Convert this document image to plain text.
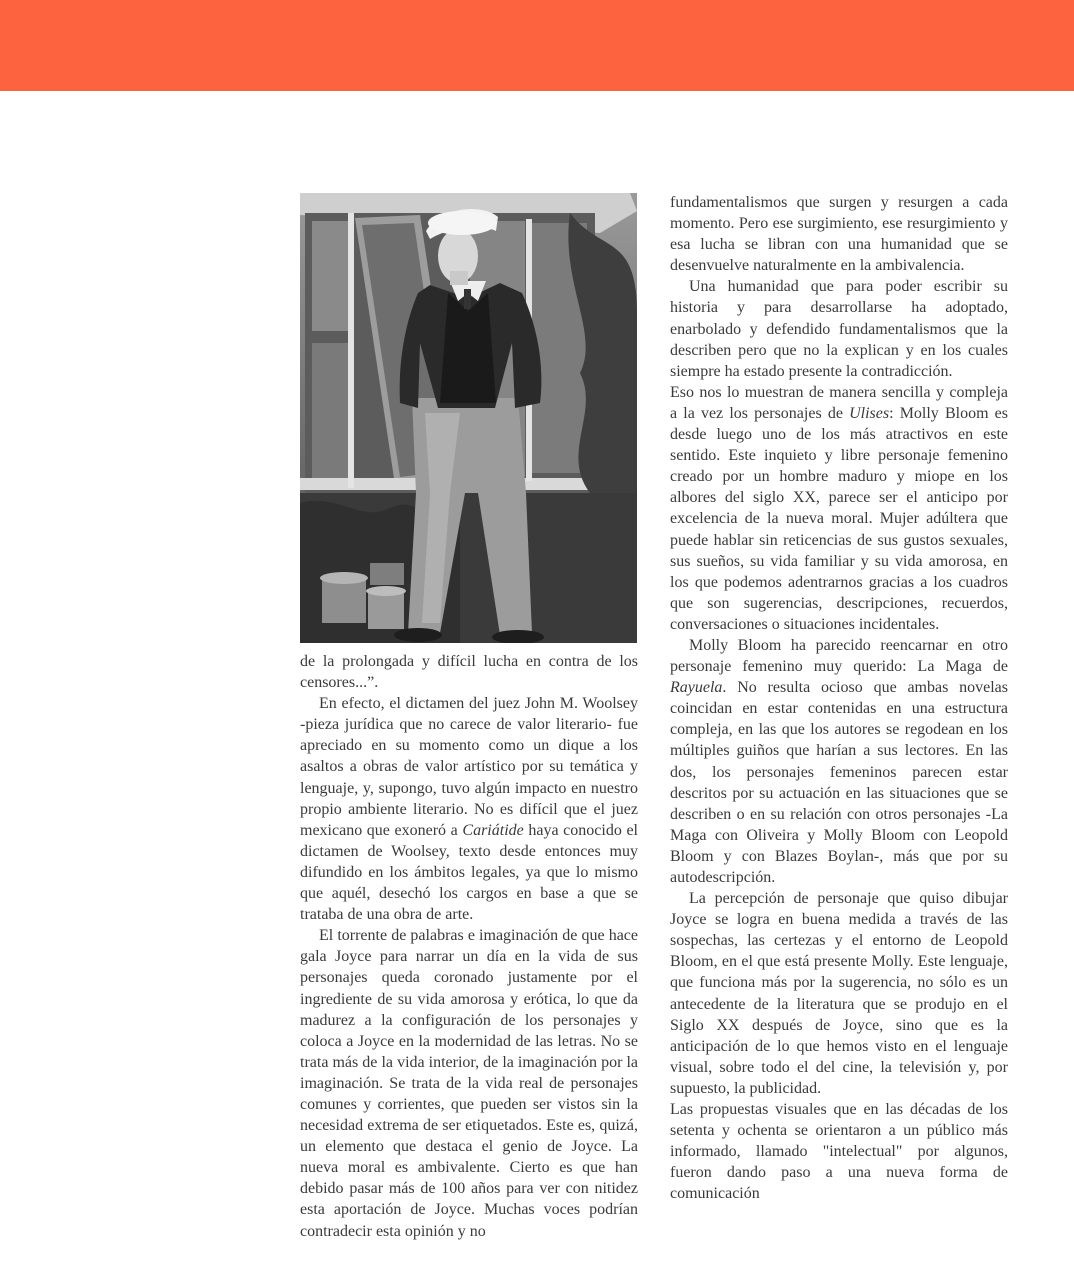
de la prolongada y difícil lucha en contra de los censores...”.

En efecto, el dictamen del juez John M. Woolsey -pieza jurídica que no carece de valor literario- fue apreciado en su momento como un dique a los asaltos a obras de valor artístico por su temática y lenguaje, y, supongo, tuvo algún impacto en nuestro propio ambiente literario. No es difícil que el juez mexicano que exoneró a Cariátide haya conocido el dictamen de Woolsey, texto desde entonces muy difundido en los ámbitos legales, ya que lo mismo que aquél, desechó los cargos en base a que se trataba de una obra de arte.

El torrente de palabras e imaginación de que hace gala Joyce para narrar un día en la vida de sus personajes queda coronado justamente por el ingrediente de su vida amorosa y erótica, lo que da madurez a la configuración de los personajes y coloca a Joyce en la modernidad de las letras. No se trata más de la vida interior, de la imaginación por la imaginación. Se trata de la vida real de personajes comunes y corrientes, que pueden ser vistos sin la necesidad extrema de ser etiquetados. Este es, quizá, un elemento que destaca el genio de Joyce. La nueva moral es ambivalente. Cierto es que han debido pasar más de 100 años para ver con nitidez esta aportación de Joyce. Muchas voces podrían contradecir esta opinión y no

fundamentalismos que surgen y resurgen a cada momento. Pero ese surgimiento, ese resurgimiento y esa lucha se libran con una humanidad que se desenvuelve naturalmente en la ambivalencia.

Una humanidad que para poder escribir su historia y para desarrollarse ha adoptado, enarbolado y defendido fundamentalismos que la describen pero que no la explican y en los cuales siempre ha estado presente la contradicción.

Eso nos lo muestran de manera sencilla y compleja a la vez los personajes de Ulises: Molly Bloom es desde luego uno de los más atractivos en este sentido. Este inquieto y libre personaje femenino creado por un hombre maduro y miope en los albores del siglo XX, parece ser el anticipo por excelencia de la nueva moral. Mujer adúltera que puede hablar sin reticencias de sus gustos sexuales, sus sueños, su vida familiar y su vida amorosa, en los que podemos adentrarnos gracias a los cuadros que son sugerencias, descripciones, recuerdos, conversaciones o situaciones incidentales.

Molly Bloom ha parecido reencarnar en otro personaje femenino muy querido: La Maga de Rayuela. No resulta ocioso que ambas novelas coincidan en estar contenidas en una estructura compleja, en las que los autores se regodean en los múltiples guiños que harían a sus lectores. En las dos, los personajes femeninos parecen estar descritos por su actuación en las situaciones que se describen o en su relación con otros personajes -La Maga con Oliveira y Molly Bloom con Leopold Bloom y con Blazes Boylan-, más que por su autodescripción.

La percepción de personaje que quiso dibujar Joyce se logra en buena medida a través de las sospechas, las certezas y el entorno de Leopold Bloom, en el que está presente Molly. Este lenguaje, que funciona más por la sugerencia, no sólo es un antecedente de la literatura que se produjo en el Siglo XX después de Joyce, sino que es la anticipación de lo que hemos visto en el lenguaje visual, sobre todo el del cine, la televisión y, por supuesto, la publicidad.

Las propuestas visuales que en las décadas de los setenta y ochenta se orientaron a un público más informado, llamado "intelectual" por algunos, fueron dando paso a una nueva forma de comunicación
